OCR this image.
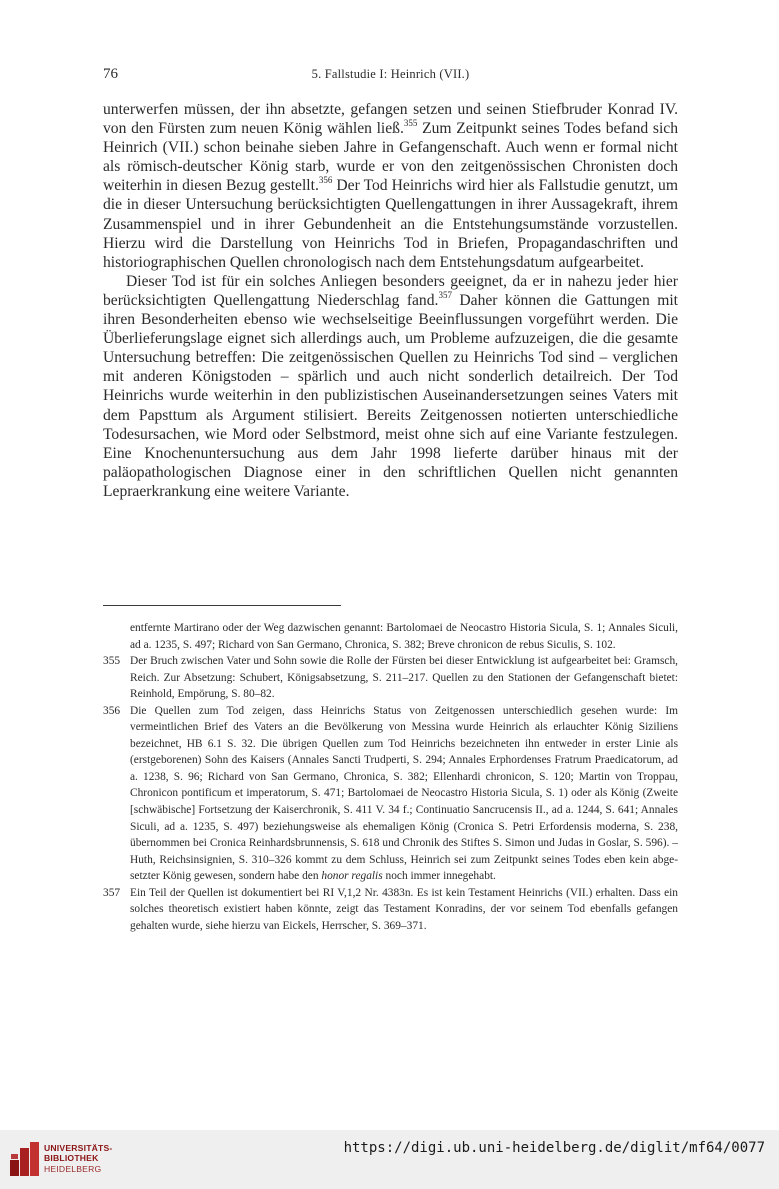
76	5. Fallstudie I: Heinrich (VII.)

unterwerfen müssen, der ihn absetzte, gefangen setzen und seinen Stiefbruder Konrad IV. von den Fürsten zum neuen König wählen ließ.$^{355}$ Zum Zeitpunkt seines Todes befand sich Heinrich (VII.) schon beinahe sieben Jahre in Gefangenschaft. Auch wenn er formal nicht als römisch-deutscher König starb, wurde er von den zeitgenössischen Chronisten doch weiterhin in diesen Bezug gestellt.$^{356}$ Der Tod Heinrichs wird hier als Fallstudie genutzt, um die in dieser Untersuchung berücksichtigten Quellengattungen in ihrer Aussagekraft, ihrem Zusammenspiel und in ihrer Gebundenheit an die Entstehungsumstände vorzustellen. Hierzu wird die Darstellung von Heinrichs Tod in Briefen, Propagandaschriften und historiographischen Quellen chronologisch nach dem Entstehungsdatum aufgearbeitet.

Dieser Tod ist für ein solches Anliegen besonders geeignet, da er in nahezu jeder hier berücksichtigten Quellengattung Niederschlag fand.$^{357}$ Daher können die Gattungen mit ihren Besonderheiten ebenso wie wechselseitige Beeinflussungen vorgeführt werden. Die Überlieferungslage eignet sich allerdings auch, um Probleme aufzuzeigen, die die gesamte Untersuchung betreffen: Die zeitgenössischen Quellen zu Heinrichs Tod sind – verglichen mit anderen Königstoden – spärlich und auch nicht sonderlich detailreich. Der Tod Heinrichs wurde weiterhin in den publizistischen Auseinandersetzungen seines Vaters mit dem Papsttum als Argument stilisiert. Bereits Zeitgenossen notierten unterschiedliche Todesursachen, wie Mord oder Selbstmord, meist ohne sich auf eine Variante festzulegen. Eine Knochenuntersuchung aus dem Jahr 1998 lieferte darüber hinaus mit der paläopathologischen Diagnose einer in den schriftlichen Quellen nicht genannten Lepraerkrankung eine weitere Variante.

entfernte Martirano oder der Weg dazwischen genannt: Bartolomaei de Neocastro Historia Sicula, S. 1; Annales Siculi, ad a. 1235, S. 497; Richard von San Germano, Chronica, S. 382; Breve chronicon de rebus Siculis, S. 102.

355 Der Bruch zwischen Vater und Sohn sowie die Rolle der Fürsten bei dieser Entwicklung ist aufgearbeitet bei: Gramsch, Reich. Zur Absetzung: Schubert, Königsabsetzung, S. 211–217. Quellen zu den Stationen der Gefangenschaft bietet: Reinhold, Empörung, S. 80–82.

356 Die Quellen zum Tod zeigen, dass Heinrichs Status von Zeitgenossen unterschiedlich gesehen wurde: Im vermeintlichen Brief des Vaters an die Bevölkerung von Messina wurde Heinrich als erlauchter König Siziliens bezeichnet, HB 6.1 S. 32. Die übrigen Quellen zum Tod Heinrichs bezeichneten ihn entweder in erster Linie als (erstgeborenen) Sohn des Kaisers (Annales Sancti Trudperti, S. 294; Annales Erphordenses Fratrum Praedicatorum, ad a. 1238, S. 96; Richard von San Germano, Chronica, S. 382; Ellenhardi chronicon, S. 120; Martin von Troppau, Chronicon pontificum et imperatorum, S. 471; Bartolomaei de Neocastro Historia Sicula, S. 1) oder als König (Zweite [schwäbische] Fortsetzung der Kaiserchronik, S. 411 V. 34 f.; Continuatio Sancrucensis II., ad a. 1244, S. 641; Annales Siculi, ad a. 1235, S. 497) beziehungsweise als ehemaligen König (Cronica S. Petri Erfordensis moderna, S. 238, übernommen bei Cronica Reinhardsbrunnensis, S. 618 und Chronik des Stiftes S. Simon und Judas in Goslar, S. 596). – Huth, Reichsinsignien, S. 310–326 kommt zu dem Schluss, Heinrich sei zum Zeitpunkt seines Todes eben kein abgesetzter König gewesen, sondern habe den honor regalis noch immer innegehabt.

357 Ein Teil der Quellen ist dokumentiert bei RI V,1,2 Nr. 4383n. Es ist kein Testament Heinrichs (VII.) erhalten. Dass ein solches theoretisch existiert haben könnte, zeigt das Testament Konradins, der vor seinem Tod ebenfalls gefangen gehalten wurde, siehe hierzu van Eickels, Herrscher, S. 369–371.

UNIVERSITÄTS-
BIBLIOTHEK
HEIDELBERG
https://digi.ub.uni-heidelberg.de/diglit/mf64/0077
